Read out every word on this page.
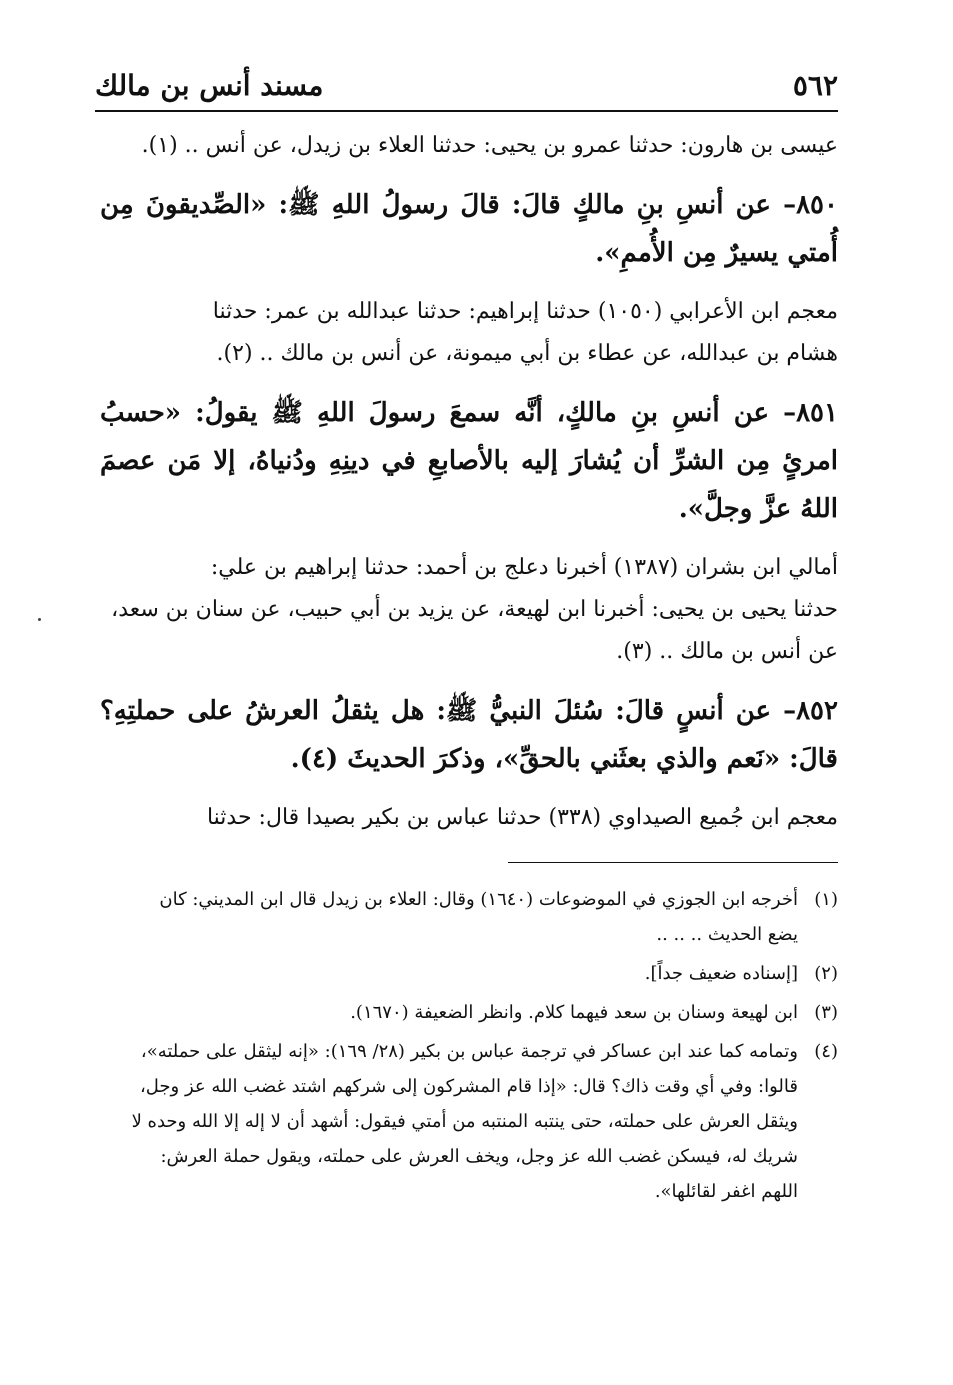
٥٦٢
مسند أنس بن مالك

عيسى بن هارون: حدثنا عمرو بن يحيى: حدثنا العلاء بن زيدل، عن أنس .. (١).

٨٥٠– عن أنسِ بنِ مالكٍ قالَ: قالَ رسولُ اللهِ ﷺ: «الصِّديقونَ مِن أُمتي يسيرٌ مِن الأُممِ».

معجم ابن الأعرابي (١٠٥٠) حدثنا إبراهيم: حدثنا عبدالله بن عمر: حدثنا
هشام بن عبدالله، عن عطاء بن أبي ميمونة، عن أنس بن مالك .. (٢).

٨٥١– عن أنسِ بنِ مالكٍ، أنَّه سمعَ رسولَ اللهِ ﷺ يقولُ: «حسبُ امرئٍ مِن الشرِّ أن يُشارَ إليه بالأصابعِ في دينِهِ ودُنياهُ، إلا مَن عصمَ اللهُ عزَّ وجلَّ».

أمالي ابن بشران (١٣٨٧) أخبرنا دعلج بن أحمد: حدثنا إبراهيم بن علي:
حدثنا يحيى بن يحيى: أخبرنا ابن لهيعة، عن يزيد بن أبي حبيب، عن سنان بن سعد،
عن أنس بن مالك .. (٣).

٨٥٢– عن أنسٍ قالَ: سُئلَ النبيُّ ﷺ: هل يثقلُ العرشُ على حملتِهِ؟ قالَ: «نَعم والذي بعثَني بالحقِّ»، وذكرَ الحديثَ (٤).

معجم ابن جُميع الصيداوي (٣٣٨) حدثنا عباس بن بكير بصيدا قال: حدثنا

(١)
أخرجه ابن الجوزي في الموضوعات (١٦٤٠) وقال: العلاء بن زيدل قال ابن المديني: كان
يضع الحديث .. .. ..
(٢)
[إسناده ضعيف جداً].
(٣)
ابن لهيعة وسنان بن سعد فيهما كلام. وانظر الضعيفة (١٦٧٠).
(٤)
وتمامه كما عند ابن عساكر في ترجمة عباس بن بكير (٢٨/ ١٦٩): «إنه ليثقل على حملته»،
قالوا: وفي أي وقت ذاك؟ قال: «إذا قام المشركون إلى شركهم اشتد غضب الله عز وجل،
ويثقل العرش على حملته، حتى ينتبه المنتبه من أمتي فيقول: أشهد أن لا إله إلا الله وحده لا
شريك له، فيسكن غضب الله عز وجل، ويخف العرش على حملته، ويقول حملة العرش:
اللهم اغفر لقائلها».
